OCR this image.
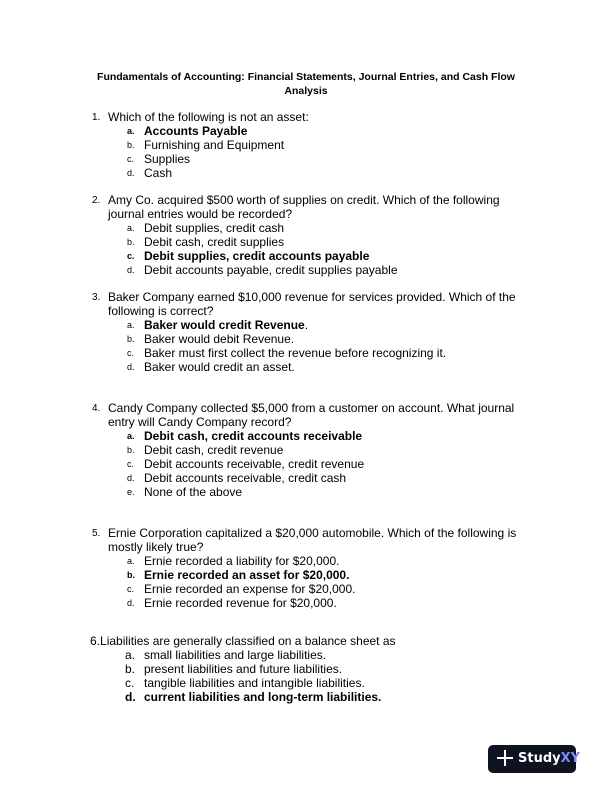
Fundamentals of Accounting: Financial Statements, Journal Entries, and Cash Flow Analysis
1. Which of the following is not an asset:
a. Accounts Payable
b. Furnishing and Equipment
c. Supplies
d. Cash
2. Amy Co. acquired $500 worth of supplies on credit. Which of the following journal entries would be recorded?
a. Debit supplies, credit cash
b. Debit cash, credit supplies
c. Debit supplies, credit accounts payable
d. Debit accounts payable, credit supplies payable
3. Baker Company earned $10,000 revenue for services provided. Which of the following is correct?
a. Baker would credit Revenue.
b. Baker would debit Revenue.
c. Baker must first collect the revenue before recognizing it.
d. Baker would credit an asset.
4. Candy Company collected $5,000 from a customer on account. What journal entry will Candy Company record?
a. Debit cash, credit accounts receivable
b. Debit cash, credit revenue
c. Debit accounts receivable, credit revenue
d. Debit accounts receivable, credit cash
e. None of the above
5. Ernie Corporation capitalized a $20,000 automobile. Which of the following is mostly likely true?
a. Ernie recorded a liability for $20,000.
b. Ernie recorded an asset for $20,000.
c. Ernie recorded an expense for $20,000.
d. Ernie recorded revenue for $20,000.
6.Liabilities are generally classified on a balance sheet as
a. small liabilities and large liabilities.
b. present liabilities and future liabilities.
c. tangible liabilities and intangible liabilities.
d. current liabilities and long-term liabilities.
StudyXY
